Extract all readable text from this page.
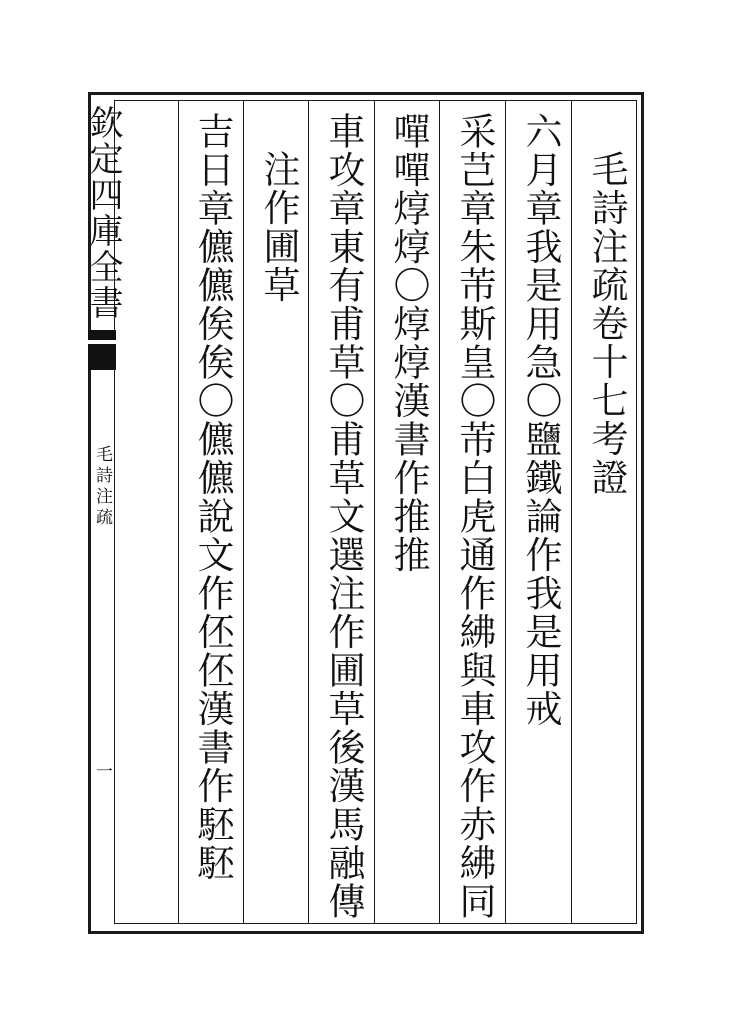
欽定四庫全書
毛詩注疏
一
毛詩注疏卷十七考證
六月章我是用急〇鹽鐵論作我是用戒
采芑章朱芾斯皇〇芾白虎通作紼與車攻作赤紼同
嘽嘽焞焞〇焞焞漢書作推推
車攻章東有甫草〇甫草文選注作圃草後漢馬融傳
注作圃草
吉日章儦儦俟俟〇儦儦說文作伾伾漢書作駓駓
